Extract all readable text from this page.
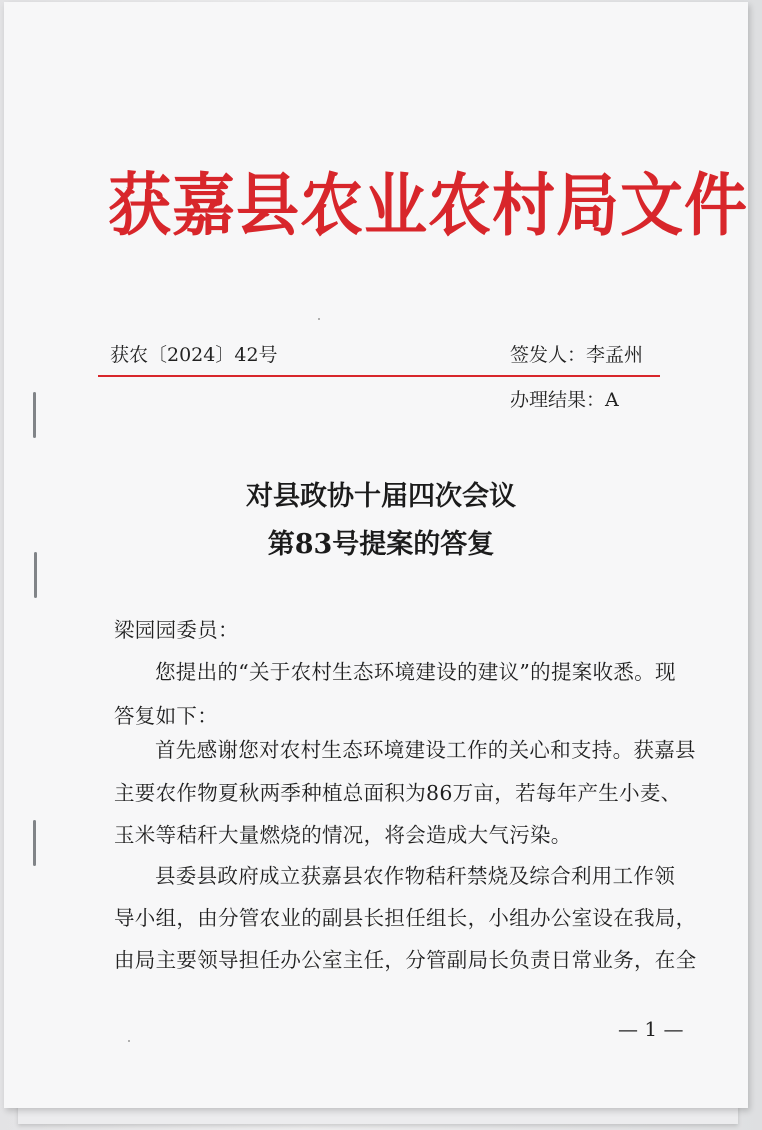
获嘉县农业农村局文件
获农〔2024〕42号	签发人：李孟州
办理结果：A
对县政协十届四次会议
第83号提案的答复
梁园园委员：
您提出的“关于农村生态环境建设的建议”的提案收悉。现
答复如下：
首先感谢您对农村生态环境建设工作的关心和支持。获嘉县
主要农作物夏秋两季种植总面积为86万亩，若每年产生小麦、
玉米等秸秆大量燃烧的情况，将会造成大气污染。
县委县政府成立获嘉县农作物秸秆禁烧及综合利用工作领
导小组，由分管农业的副县长担任组长，小组办公室设在我局，
由局主要领导担任办公室主任，分管副局长负责日常业务，在全
— 1 —
